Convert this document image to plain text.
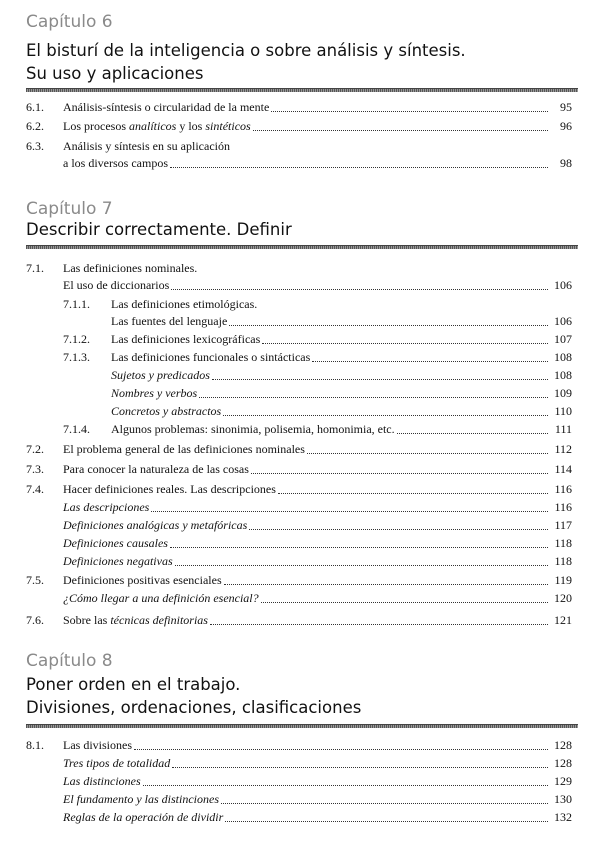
Capítulo 6
El bisturí de la inteligencia o sobre análisis y síntesis.
Su uso y aplicaciones
6.1. Análisis-síntesis o circularidad de la mente	95
6.2. Los procesos analíticos y los sintéticos	96
6.3. Análisis y síntesis en su aplicación
a los diversos campos	98
Capítulo 7
Describir correctamente. Definir
7.1. Las definiciones nominales.
El uso de diccionarios	106
7.1.1. Las definiciones etimológicas.
Las fuentes del lenguaje	106
7.1.2. Las definiciones lexicográficas	107
7.1.3. Las definiciones funcionales o sintácticas	108
Sujetos y predicados	108
Nombres y verbos	109
Concretos y abstractos	110
7.1.4. Algunos problemas: sinonimia, polisemia, homonimia, etc.	111
7.2. El problema general de las definiciones nominales	112
7.3. Para conocer la naturaleza de las cosas	114
7.4. Hacer definiciones reales. Las descripciones	116
Las descripciones	116
Definiciones analógicas y metafóricas	117
Definiciones causales	118
Definiciones negativas	118
7.5. Definiciones positivas esenciales	119
¿Cómo llegar a una definición esencial?	120
7.6. Sobre las técnicas definitorias	121
Capítulo 8
Poner orden en el trabajo.
Divisiones, ordenaciones, clasificaciones
8.1. Las divisiones	128
Tres tipos de totalidad	128
Las distinciones	129
El fundamento y las distinciones	130
Reglas de la operación de dividir	132
